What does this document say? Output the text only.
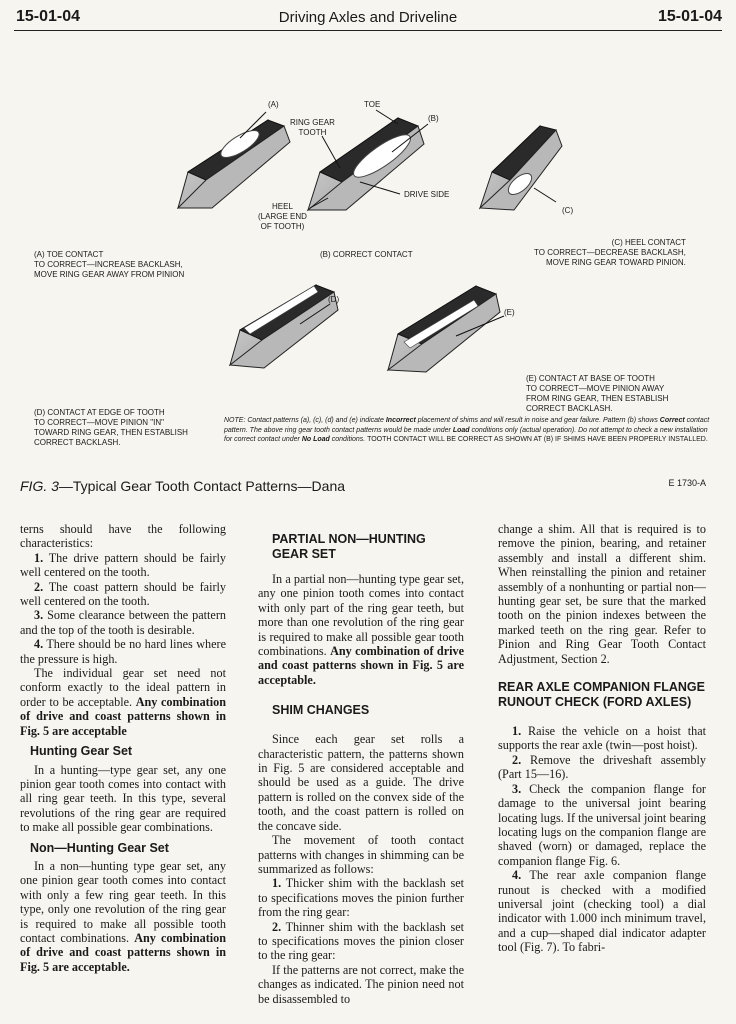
15-01-04	Driving Axles and Driveline	15-01-04
(A)	TOE
RING GEAR
TOOTH
(B)
DRIVE SIDE
HEEL
(LARGE END
OF TOOTH)
(C)
(D)
(E)
(A) TOE CONTACT
TO CORRECT—INCREASE BACKLASH,
MOVE RING GEAR AWAY FROM PINION
(B) CORRECT CONTACT
(C) HEEL CONTACT
TO CORRECT—DECREASE BACKLASH,
MOVE RING GEAR TOWARD PINION.
(D) CONTACT AT EDGE OF TOOTH
TO CORRECT—MOVE PINION "IN"
TOWARD RING GEAR, THEN ESTABLISH
CORRECT BACKLASH.
(E) CONTACT AT BASE OF TOOTH
TO CORRECT—MOVE PINION AWAY
FROM RING GEAR, THEN ESTABLISH
CORRECT BACKLASH.
NOTE: Contact patterns (a), (c), (d) and (e) indicate Incorrect placement of shims and will result in noise and gear failure. Pattern (b) shows Correct contact pattern. The above ring gear tooth contact patterns would be made under Load conditions only (actual operation). Do not attempt to check a new installation for correct contact under No Load conditions. TOOTH CONTACT WILL BE CORRECT AS SHOWN AT (B) IF SHIMS HAVE BEEN PROPERLY INSTALLED.
FIG. 3—Typical Gear Tooth Contact Patterns—Dana	E 1730-A

terns should have the following characteristics:

1. The drive pattern should be fairly well centered on the tooth.

2. The coast pattern should be fairly well centered on the tooth.

3. Some clearance between the pattern and the top of the tooth is desirable.

4. There should be no hard lines where the pressure is high.

The individual gear set need not conform exactly to the ideal pattern in order to be acceptable. Any combination of drive and coast patterns shown in Fig. 5 are acceptable

Hunting Gear Set

In a hunting—type gear set, any one pinion gear tooth comes into contact with all ring gear teeth. In this type, several revolutions of the ring gear are required to make all possible gear combinations.

Non—Hunting Gear Set

In a non—hunting type gear set, any one pinion gear tooth comes into contact with only a few ring gear teeth. In this type, only one revolution of the ring gear is required to make all possible tooth contact combinations. Any combination of drive and coast patterns shown in Fig. 5 are acceptable.

PARTIAL NON—HUNTING GEAR SET

In a partial non—hunting type gear set, any one pinion tooth comes into contact with only part of the ring gear teeth, but more than one revolution of the ring gear is required to make all possible gear tooth combinations. Any combination of drive and coast patterns shown in Fig. 5 are acceptable.

SHIM CHANGES

Since each gear set rolls a characteristic pattern, the patterns shown in Fig. 5 are considered acceptable and should be used as a guide. The drive pattern is rolled on the convex side of the tooth, and the coast pattern is rolled on the concave side.

The movement of tooth contact patterns with changes in shimming can be summarized as follows:

1. Thicker shim with the backlash set to specifications moves the pinion further from the ring gear:

2. Thinner shim with the backlash set to specifications moves the pinion closer to the ring gear:

If the patterns are not correct, make the changes as indicated. The pinion need not be disassembled to

change a shim. All that is required is to remove the pinion, bearing, and retainer assembly and install a different shim. When reinstalling the pinion and retainer assembly of a nonhunting or partial non—hunting gear set, be sure that the marked tooth on the pinion indexes between the marked teeth on the ring gear. Refer to Pinion and Ring Gear Tooth Contact Adjustment, Section 2.

REAR AXLE COMPANION FLANGE RUNOUT CHECK (FORD AXLES)

1. Raise the vehicle on a hoist that supports the rear axle (twin—post hoist).

2. Remove the driveshaft assembly (Part 15—16).

3. Check the companion flange for damage to the universal joint bearing locating lugs. If the universal joint bearing locating lugs on the companion flange are shaved (worn) or damaged, replace the companion flange Fig. 6.

4. The rear axle companion flange runout is checked with a modified universal joint (checking tool) a dial indicator with 1.000 inch minimum travel, and a cup—shaped dial indicator adapter tool (Fig. 7). To fabri-
